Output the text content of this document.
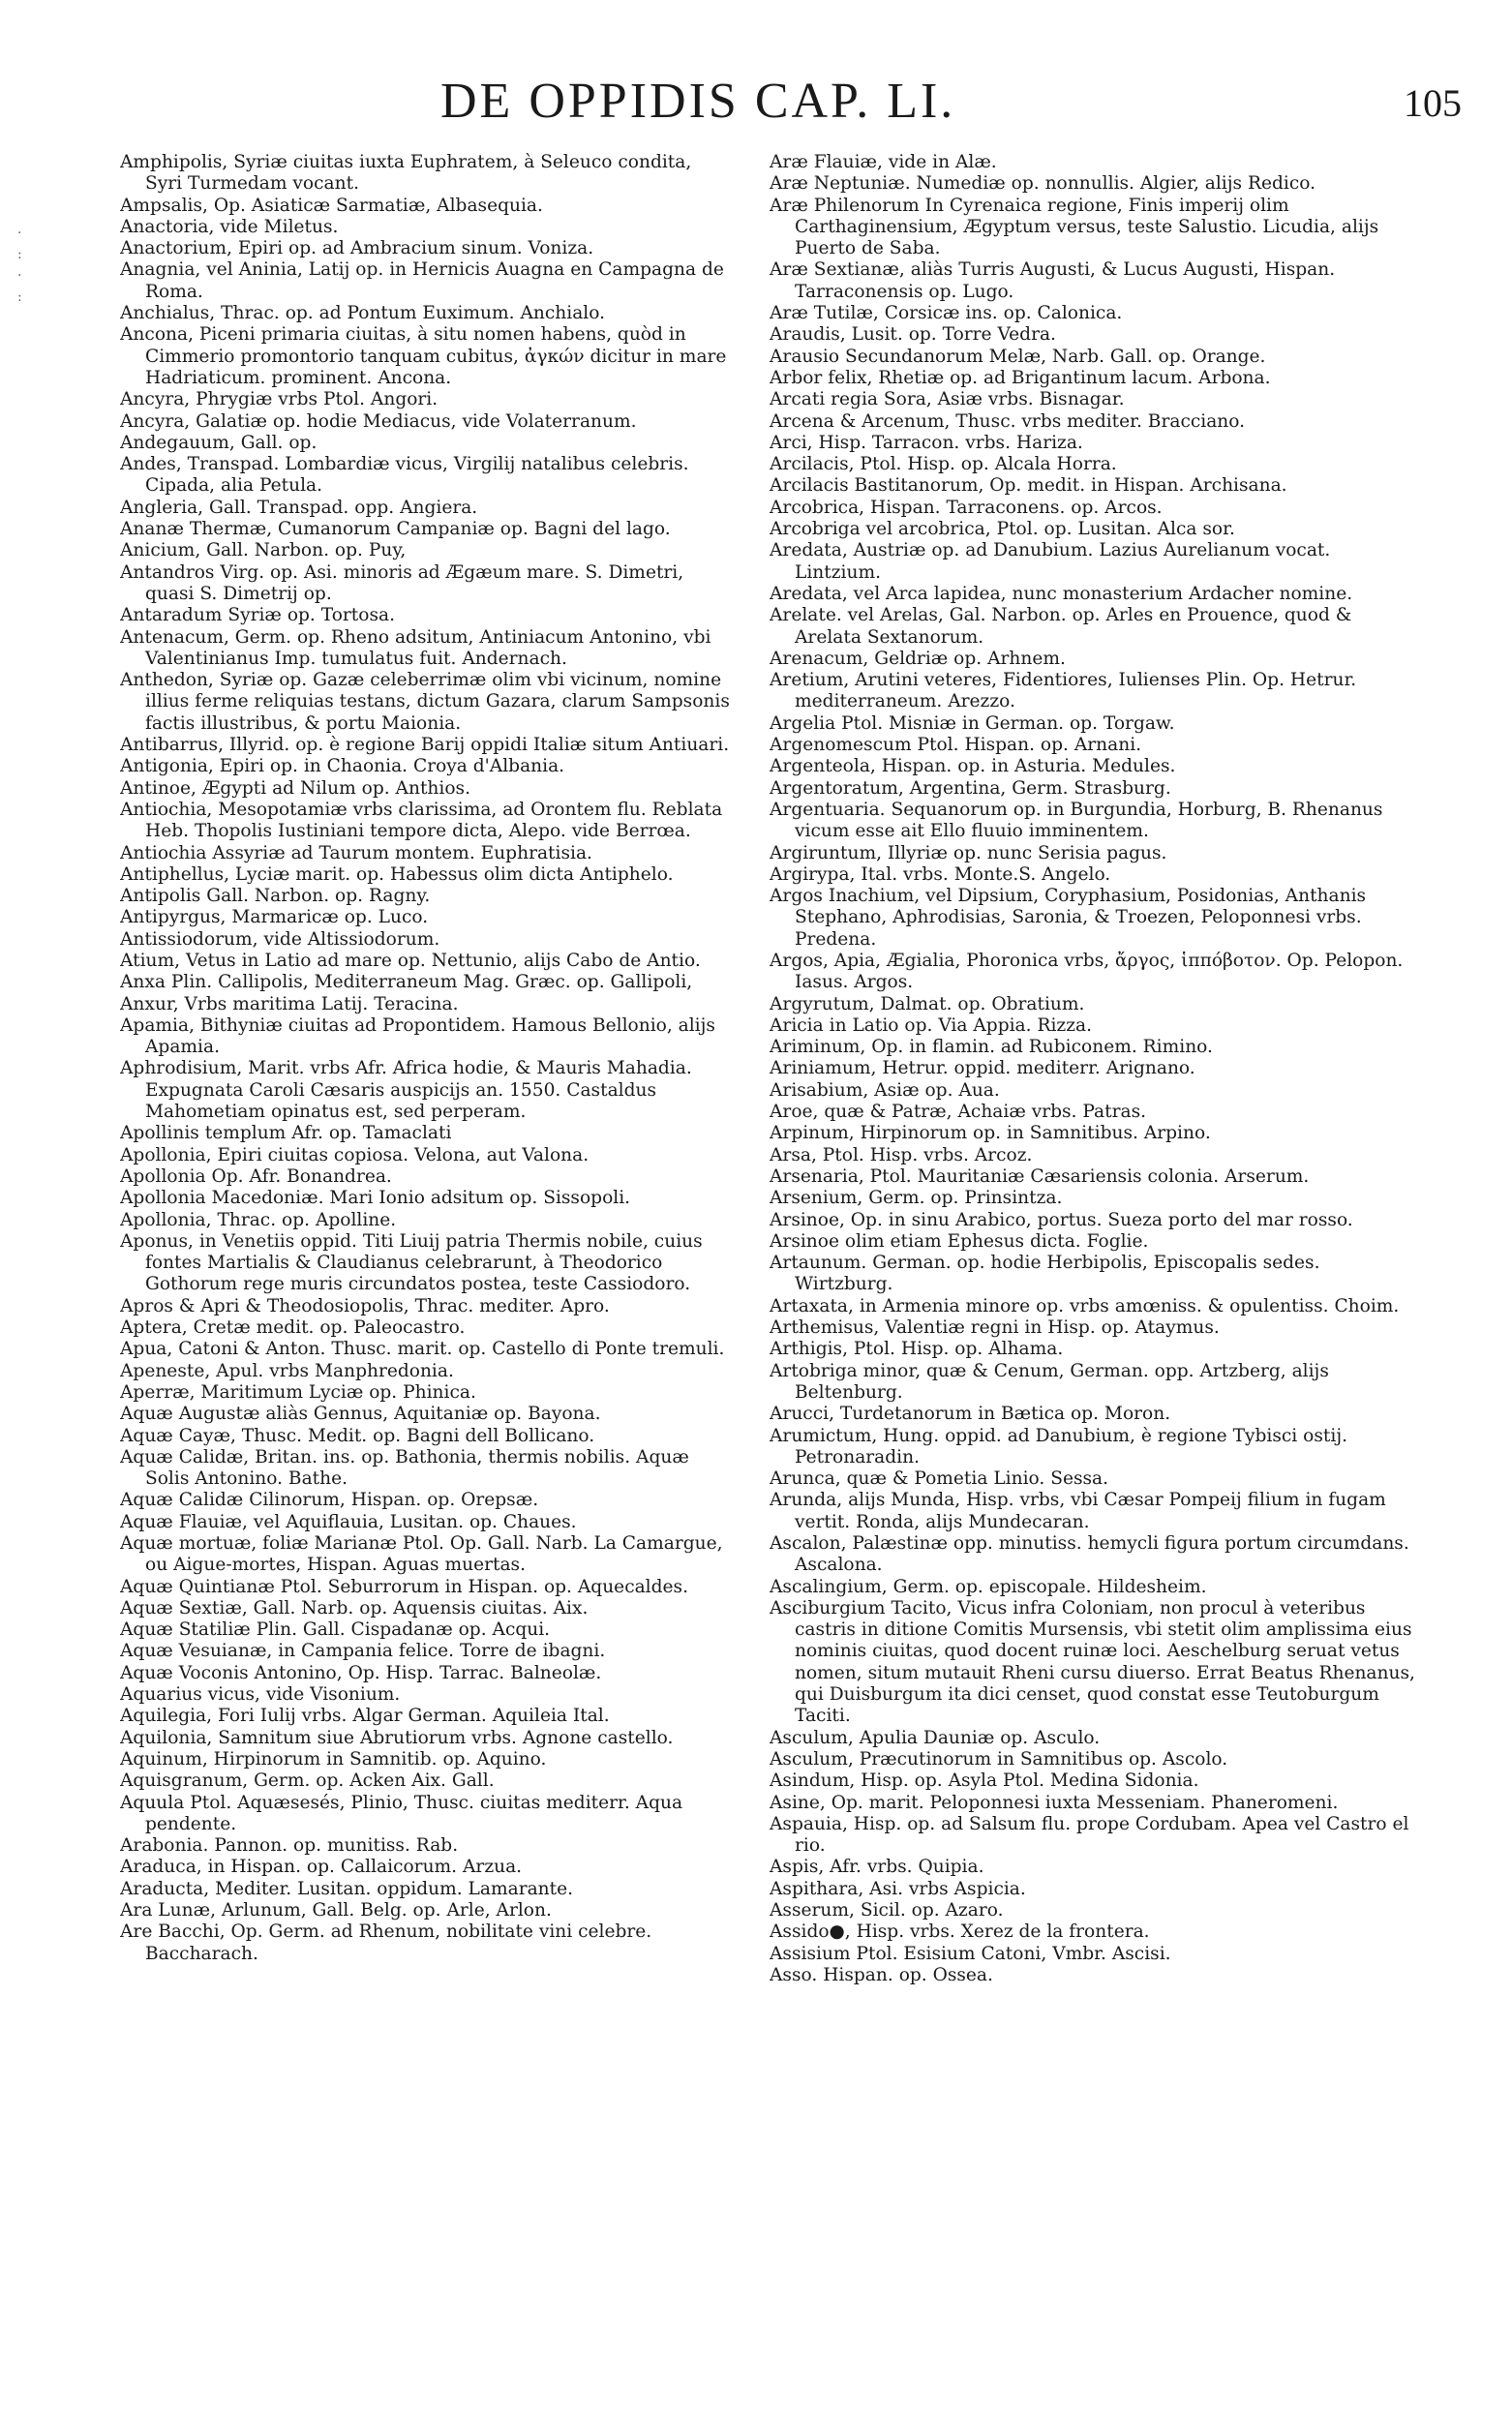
DE OPPIDIS CAP. LI.	105
·
:
·
:

Amphipolis, Syriæ ciuitas iuxta Euphratem, à Seleuco condita, Syri Turmedam vocant.

Ampsalis, Op. Asiaticæ Sarmatiæ, Albasequia.

Anactoria, vide Miletus.

Anactorium, Epiri op. ad Ambracium sinum. Voniza.

Anagnia, vel Aninia, Latij op. in Hernicis Auagna en Campagna de Roma.

Anchialus, Thrac. op. ad Pontum Euximum. Anchialo.

Ancona, Piceni primaria ciuitas, à situ nomen habens, quòd in Cimmerio promontorio tanquam cubitus, ἀγκών dicitur in mare Hadriaticum. prominent. Ancona.

Ancyra, Phrygiæ vrbs Ptol. Angori.

Ancyra, Galatiæ op. hodie Mediacus, vide Volaterranum.

Andegauum, Gall. op.

Andes, Transpad. Lombardiæ vicus, Virgilij natalibus celebris. Cipada, alia Petula.

Angleria, Gall. Transpad. opp. Angiera.

Ananæ Thermæ, Cumanorum Campaniæ op. Bagni del lago.

Anicium, Gall. Narbon. op. Puy,

Antandros Virg. op. Asi. minoris ad Ægæum mare. S. Dimetri, quasi S. Dimetrij op.

Antaradum Syriæ op. Tortosa.

Antenacum, Germ. op. Rheno adsitum, Antiniacum Antonino, vbi Valentinianus Imp. tumulatus fuit. Andernach.

Anthedon, Syriæ op. Gazæ celeberrimæ olim vbi vicinum, nomine illius ferme reliquias testans, dictum Gazara, clarum Sampsonis factis illustribus, & portu Maionia.

Antibarrus, Illyrid. op. è regione Barij oppidi Italiæ situm Antiuari.

Antigonia, Epiri op. in Chaonia. Croya d'Albania.

Antinoe, Ægypti ad Nilum op. Anthios.

Antiochia, Mesopotamiæ vrbs clarissima, ad Orontem flu. Reblata Heb. Thopolis Iustiniani tempore dicta, Alepo. vide Berrœa.

Antiochia Assyriæ ad Taurum montem. Euphratisia.

Antiphellus, Lyciæ marit. op. Habessus olim dicta Antiphelo.

Antipolis Gall. Narbon. op. Ragny.

Antipyrgus, Marmaricæ op. Luco.

Antissiodorum, vide Altissiodorum.

Atium, Vetus in Latio ad mare op. Nettunio, alijs Cabo de Antio.

Anxa Plin. Callipolis, Mediterraneum Mag. Græc. op. Gallipoli,

Anxur, Vrbs maritima Latij. Teracina.

Apamia, Bithyniæ ciuitas ad Propontidem. Hamous Bellonio, alijs Apamia.

Aphrodisium, Marit. vrbs Afr. Africa hodie, & Mauris Mahadia. Expugnata Caroli Cæsaris auspicijs an. 1550. Castaldus Mahometiam opinatus est, sed perperam.

Apollinis templum Afr. op. Tamaclati

Apollonia, Epiri ciuitas copiosa. Velona, aut Valona.

Apollonia Op. Afr. Bonandrea.

Apollonia Macedoniæ. Mari Ionio adsitum op. Sissopoli.

Apollonia, Thrac. op. Apolline.

Aponus, in Venetiis oppid. Titi Liuij patria Thermis nobile, cuius fontes Martialis & Claudianus celebrarunt, à Theodorico Gothorum rege muris circundatos postea, teste Cassiodoro.

Apros & Apri & Theodosiopolis, Thrac. mediter. Apro.

Aptera, Cretæ medit. op. Paleocastro.

Apua, Catoni & Anton. Thusc. marit. op. Castello di Ponte tremuli.

Apeneste, Apul. vrbs Manphredonia.

Aperræ, Maritimum Lyciæ op. Phinica.

Aquæ Augustæ aliàs Gennus, Aquitaniæ op. Bayona.

Aquæ Cayæ, Thusc. Medit. op. Bagni dell Bollicano.

Aquæ Calidæ, Britan. ins. op. Bathonia, thermis nobilis. Aquæ Solis Antonino. Bathe.

Aquæ Calidæ Cilinorum, Hispan. op. Orepsæ.

Aquæ Flauiæ, vel Aquiflauia, Lusitan. op. Chaues.

Aquæ mortuæ, foliæ Marianæ Ptol. Op. Gall. Narb. La Camargue, ou Aigue-mortes, Hispan. Aguas muertas.

Aquæ Quintianæ Ptol. Seburrorum in Hispan. op. Aquecaldes.

Aquæ Sextiæ, Gall. Narb. op. Aquensis ciuitas. Aix.

Aquæ Statiliæ Plin. Gall. Cispadanæ op. Acqui.

Aquæ Vesuianæ, in Campania felice. Torre de ibagni.

Aquæ Voconis Antonino, Op. Hisp. Tarrac. Balneolæ.

Aquarius vicus, vide Visonium.

Aquilegia, Fori Iulij vrbs. Algar German. Aquileia Ital.

Aquilonia, Samnitum siue Abrutiorum vrbs. Agnone castello.

Aquinum, Hirpinorum in Samnitib. op. Aquino.

Aquisgranum, Germ. op. Acken Aix. Gall.

Aquula Ptol. Aquæsesés, Plinio, Thusc. ciuitas mediterr. Aqua pendente.

Arabonia. Pannon. op. munitiss. Rab.

Araduca, in Hispan. op. Callaicorum. Arzua.

Araducta, Mediter. Lusitan. oppidum. Lamarante.

Ara Lunæ, Arlunum, Gall. Belg. op. Arle, Arlon.

Are Bacchi, Op. Germ. ad Rhenum, nobilitate vini celebre. Baccharach.

Aræ Flauiæ, vide in Alæ.

Aræ Neptuniæ. Numediæ op. nonnullis. Algier, alijs Redico.

Aræ Philenorum In Cyrenaica regione, Finis imperij olim Carthaginensium, Ægyptum versus, teste Salustio. Licudia, alijs Puerto de Saba.

Aræ Sextianæ, aliàs Turris Augusti, & Lucus Augusti, Hispan. Tarraconensis op. Lugo.

Aræ Tutilæ, Corsicæ ins. op. Calonica.

Araudis, Lusit. op. Torre Vedra.

Arausio Secundanorum Melæ, Narb. Gall. op. Orange.

Arbor felix, Rhetiæ op. ad Brigantinum lacum. Arbona.

Arcati regia Sora, Asiæ vrbs. Bisnagar.

Arcena & Arcenum, Thusc. vrbs mediter. Bracciano.

Arci, Hisp. Tarracon. vrbs. Hariza.

Arcilacis, Ptol. Hisp. op. Alcala Horra.

Arcilacis Bastitanorum, Op. medit. in Hispan. Archisana.

Arcobrica, Hispan. Tarraconens. op. Arcos.

Arcobriga vel arcobrica, Ptol. op. Lusitan. Alca sor.

Aredata, Austriæ op. ad Danubium. Lazius Aurelianum vocat. Lintzium.

Aredata, vel Arca lapidea, nunc monasterium Ardacher nomine.

Arelate. vel Arelas, Gal. Narbon. op. Arles en Prouence, quod & Arelata Sextanorum.

Arenacum, Geldriæ op. Arhnem.

Aretium, Arutini veteres, Fidentiores, Iulienses Plin. Op. Hetrur. mediterraneum. Arezzo.

Argelia Ptol. Misniæ in German. op. Torgaw.

Argenomescum Ptol. Hispan. op. Arnani.

Argenteola, Hispan. op. in Asturia. Medules.

Argentoratum, Argentina, Germ. Strasburg.

Argentuaria. Sequanorum op. in Burgundia, Horburg, B. Rhenanus vicum esse ait Ello fluuio imminentem.

Argiruntum, Illyriæ op. nunc Serisia pagus.

Argirypa, Ital. vrbs. Monte.S. Angelo.

Argos Inachium, vel Dipsium, Coryphasium, Posidonias, Anthanis Stephano, Aphrodisias, Saronia, & Troezen, Peloponnesi vrbs. Predena.

Argos, Apia, Ægialia, Phoronica vrbs, ἄργος, ἱππόβοτον. Op. Pelopon. Iasus. Argos.

Argyrutum, Dalmat. op. Obratium.

Aricia in Latio op. Via Appia. Rizza.

Ariminum, Op. in flamin. ad Rubiconem. Rimino.

Ariniamum, Hetrur. oppid. mediterr. Arignano.

Arisabium, Asiæ op. Aua.

Aroe, quæ & Patræ, Achaiæ vrbs. Patras.

Arpinum, Hirpinorum op. in Samnitibus. Arpino.

Arsa, Ptol. Hisp. vrbs. Arcoz.

Arsenaria, Ptol. Mauritaniæ Cæsariensis colonia. Arserum.

Arsenium, Germ. op. Prinsintza.

Arsinoe, Op. in sinu Arabico, portus. Sueza porto del mar rosso.

Arsinoe olim etiam Ephesus dicta. Foglie.

Artaunum. German. op. hodie Herbipolis, Episcopalis sedes. Wirtzburg.

Artaxata, in Armenia minore op. vrbs amœniss. & opulentiss. Choim.

Arthemisus, Valentiæ regni in Hisp. op. Ataymus.

Arthigis, Ptol. Hisp. op. Alhama.

Artobriga minor, quæ & Cenum, German. opp. Artzberg, alijs Beltenburg.

Arucci, Turdetanorum in Bætica op. Moron.

Arumictum, Hung. oppid. ad Danubium, è regione Tybisci ostij. Petronaradin.

Arunca, quæ & Pometia Linio. Sessa.

Arunda, alijs Munda, Hisp. vrbs, vbi Cæsar Pompeij filium in fugam vertit. Ronda, alijs Mundecaran.

Ascalon, Palæstinæ opp. minutiss. hemycli figura portum circumdans. Ascalona.

Ascalingium, Germ. op. episcopale. Hildesheim.

Asciburgium Tacito, Vicus infra Coloniam, non procul à veteribus castris in ditione Comitis Mursensis, vbi stetit olim amplissima eius nominis ciuitas, quod docent ruinæ loci. Aeschelburg seruat vetus nomen, situm mutauit Rheni cursu diuerso. Errat Beatus Rhenanus, qui Duisburgum ita dici censet, quod constat esse Teutoburgum Taciti.

Asculum, Apulia Dauniæ op. Asculo.

Asculum, Præcutinorum in Samnitibus op. Ascolo.

Asindum, Hisp. op. Asyla Ptol. Medina Sidonia.

Asine, Op. marit. Peloponnesi iuxta Messeniam. Phaneromeni.

Aspauia, Hisp. op. ad Salsum flu. prope Cordubam. Apea vel Castro el rio.

Aspis, Afr. vrbs. Quipia.

Aspithara, Asi. vrbs Aspicia.

Asserum, Sicil. op. Azaro.

Assido●, Hisp. vrbs. Xerez de la frontera.

Assisium Ptol. Esisium Catoni, Vmbr. Ascisi.

Asso. Hispan. op. Ossea.
